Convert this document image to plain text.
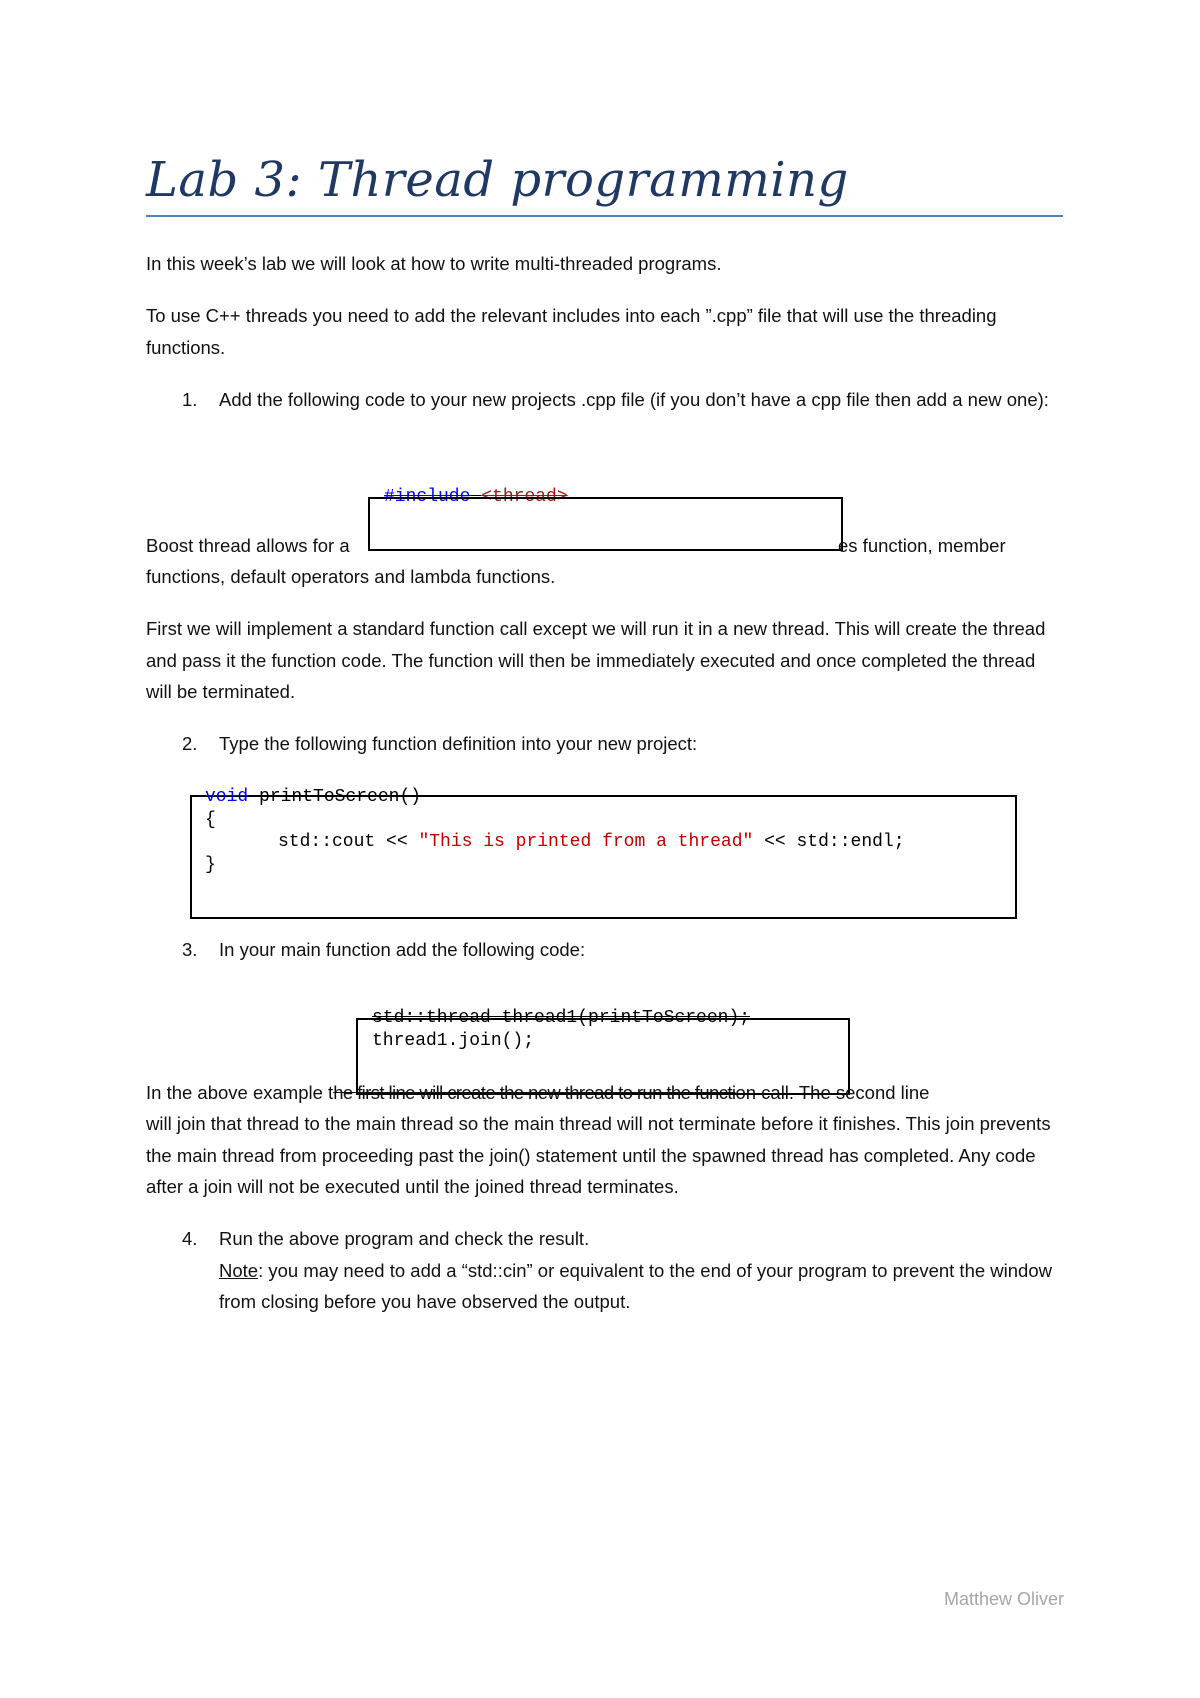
Lab 3: Thread programming

In this week’s lab we will look at how to write multi-threaded programs.

To use C++ threads you need to add the relevant includes into each ”.cpp” file that will use the threading functions.

1.	Add the following code to your new projects .cpp file (if you don’t have a cpp file then add a new one):
#include <thread>
Boost thread allows for a	es function, member

functions, default operators and lambda functions.

First we will implement a standard function call except we will run it in a new thread. This will create the thread and pass it the function code. The function will then be immediately executed and once completed the thread will be terminated.

2.	Type the following function definition into your new project:
void printToScreen()
{
std::cout << "This is printed from a thread" << std::endl;
}
3.	In your main function add the following code:
std::thread thread1(printToScreen);
thread1.join();
In the above example the first line will create the new thread to run the function call. The second line

will join that thread to the main thread so the main thread will not terminate before it finishes. This join prevents the main thread from proceeding past the join() statement until the spawned thread has completed. Any code after a join will not be executed until the joined thread terminates.

4.	Run the above program and check the result.
Note: you may need to add a “std::cin” or equivalent to the end of your program to prevent the window from closing before you have observed the output.

Matthew Oliver
